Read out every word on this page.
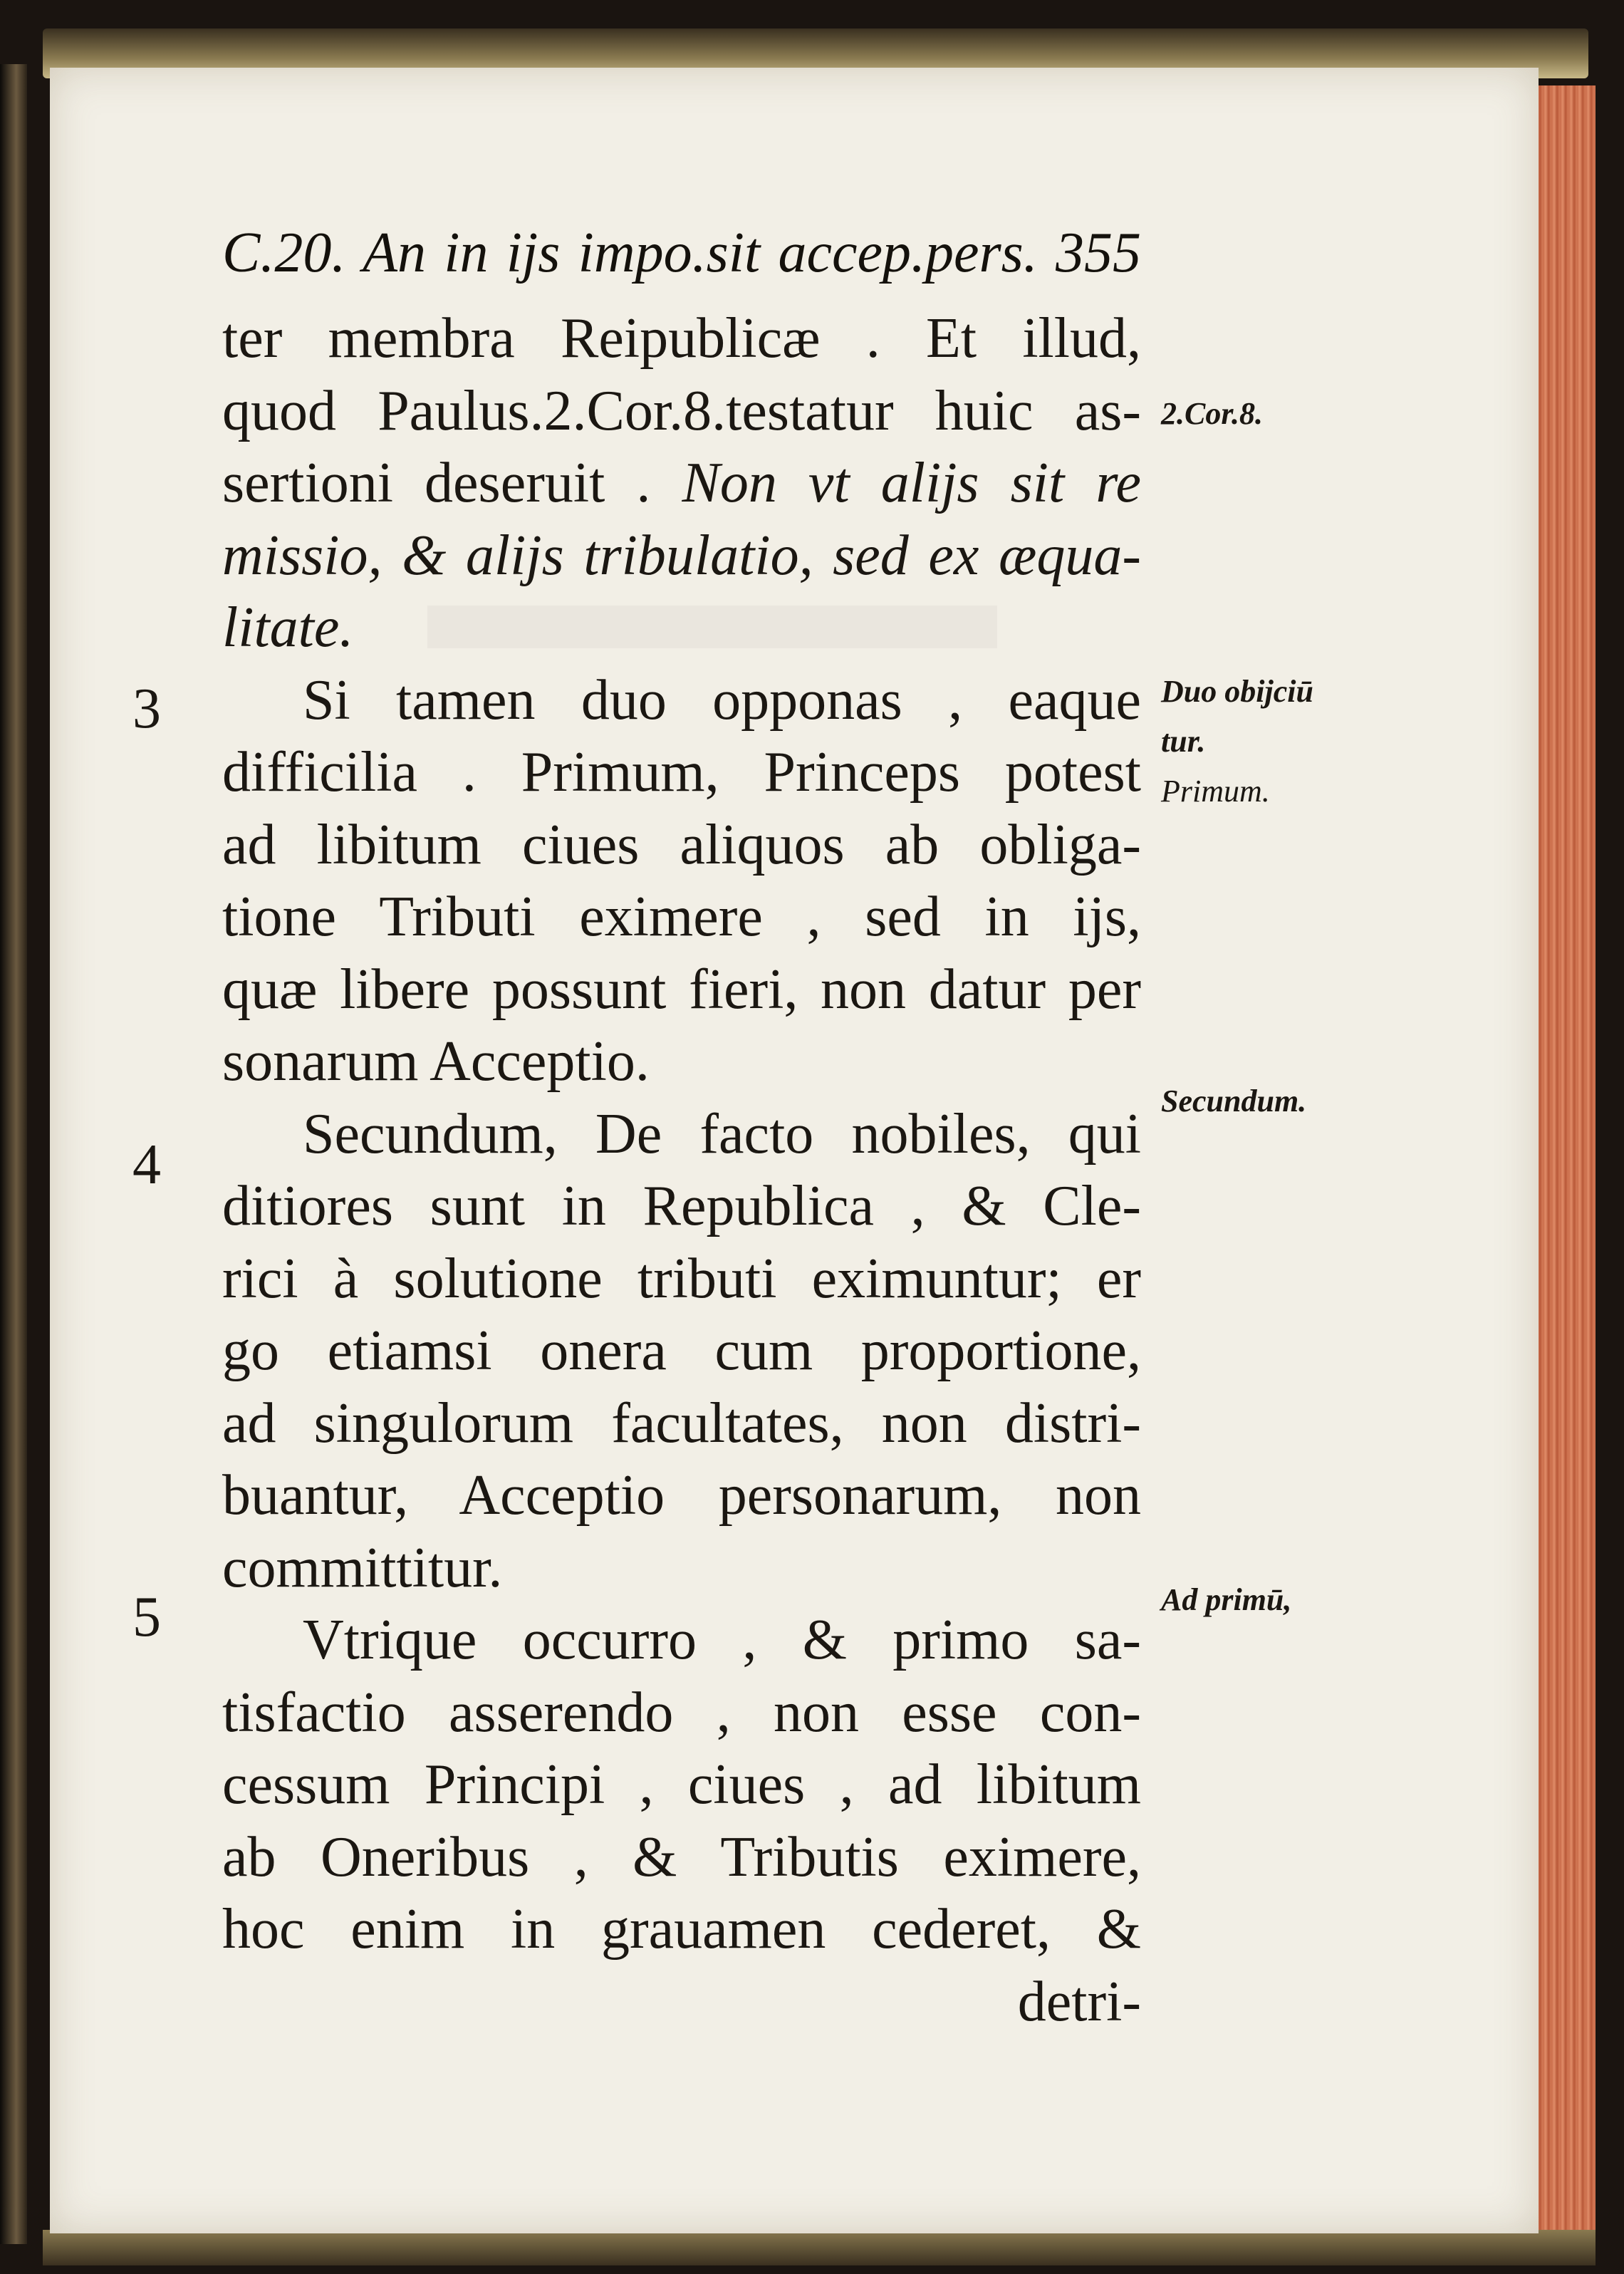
C.20. An in ijs impo.sit accep.pers. 355
ter membra Reipublicæ . Et illud,
quod Paulus.2.Cor.8.testatur huic as-
sertioni deseruit . Non vt alijs sit re
missio, & alijs tribulatio, sed ex æqua-
litate.
Si tamen duo opponas , eaque
difficilia . Primum, Princeps potest
ad libitum ciues aliquos ab obliga-
tione Tributi eximere , sed in ijs,
quæ libere possunt fieri, non datur per
sonarum Acceptio.
Secundum, De facto nobiles, qui
ditiores sunt in Republica , & Cle-
rici à solutione tributi eximuntur; er
go etiamsi onera cum proportione,
ad singulorum facultates, non distri-
buantur, Acceptio personarum, non
committitur.
Vtrique occurro , & primo sa-
tisfactio asserendo , non esse con-
cessum Principi , ciues , ad libitum
ab Oneribus , & Tributis eximere,
hoc enim in grauamen cederet, &
detri-
3
4
5
2.Cor.8.
Duo obijciū
tur.
Primum.
Secundum.
Ad primū,
